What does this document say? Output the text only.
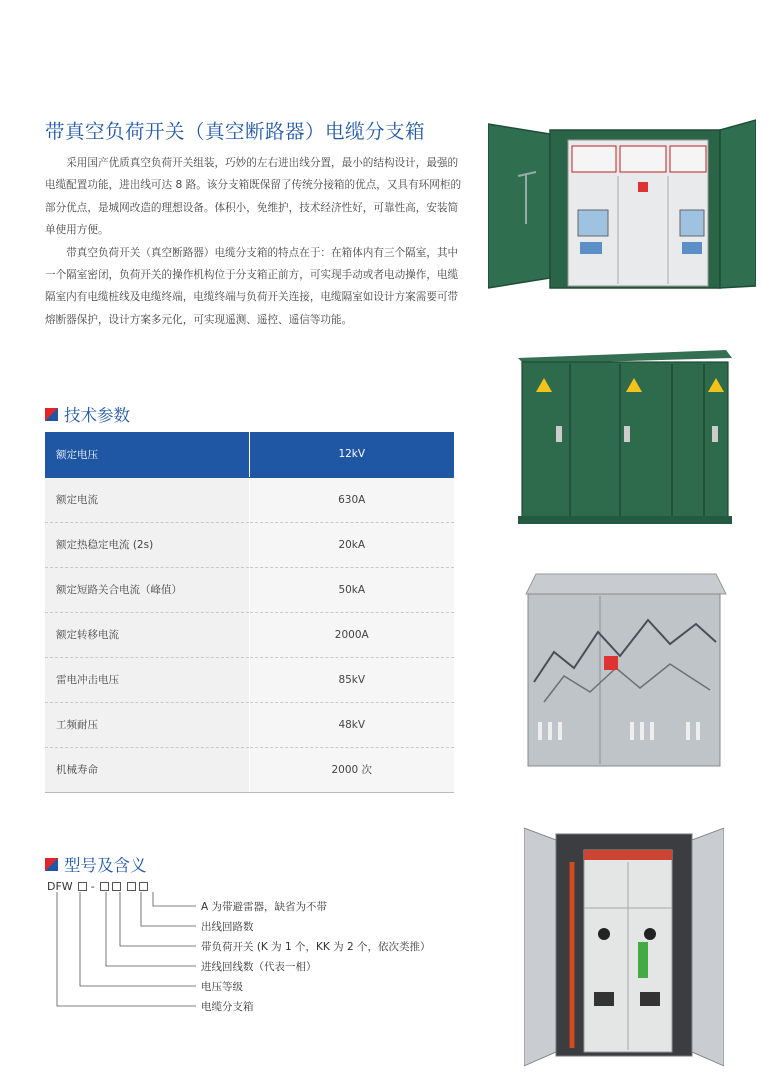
带真空负荷开关（真空断路器）电缆分支箱

采用国产优质真空负荷开关组装，巧妙的左右进出线分置，最小的结构设计，最强的电缆配置功能，进出线可达 8 路。该分支箱既保留了传统分接箱的优点，又具有环网柜的部分优点，是城网改造的理想设备。体积小，免维护，技术经济性好，可靠性高，安装简单使用方便。

带真空负荷开关（真空断路器）电缆分支箱的特点在于：在箱体内有三个隔室，其中一个隔室密闭，负荷开关的操作机构位于分支箱正前方，可实现手动或者电动操作，电缆隔室内有电缆桩线及电缆终端，电缆终端与负荷开关连接，电缆隔室如设计方案需要可带熔断器保护，设计方案多元化，可实现遥测、遥控、遥信等功能。

技术参数
额定电压	12kV
额定电流	630A
额定热稳定电流 (2s)	20kA
额定短路关合电流（峰值）	50kA
额定转移电流	2000A
雷电冲击电压	85kV
工频耐压	48kV
机械寿命	2000 次
型号及含义
DFW -
A 为带避雷器，缺省为不带
出线回路数
带负荷开关 (K 为 1 个，KK 为 2 个，依次类推）
进线回线数（代表一相）
电压等级
电缆分支箱
